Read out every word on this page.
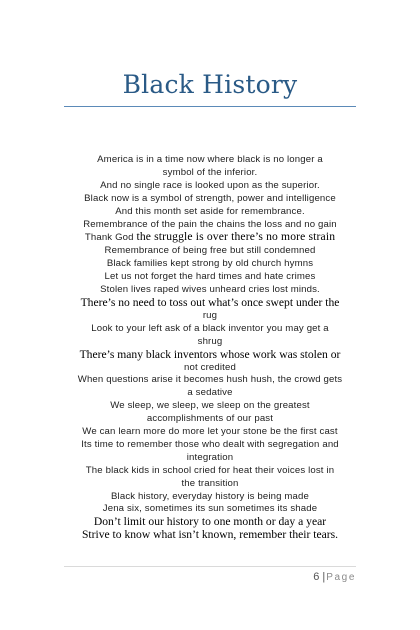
Black History
America is in a time now where black is no longer a
symbol of the inferior.
And no single race is looked upon as the superior.
Black now is a symbol of strength, power and intelligence
And this month set aside for remembrance.
Remembrance of the pain the chains the loss and no gain
Thank God the struggle is over there’s no more strain
Remembrance of being free but still condemned
Black families kept strong by old church hymns
Let us not forget the hard times and hate crimes
Stolen lives raped wives unheard cries lost minds.
There’s no need to toss out what’s once swept under the
rug
Look to your left ask of a black inventor you may get a
shrug
There’s many black inventors whose work was stolen or
not credited
When questions arise it becomes hush hush, the crowd gets
a sedative
We sleep, we sleep, we sleep on the greatest
accomplishments of our past
We can learn more do more let your stone be the first cast
Its time to remember those who dealt with segregation and
integration
The black kids in school cried for heat their voices lost in
the transition
Black history, everyday history is being made
Jena six, sometimes its sun sometimes its shade
Don’t limit our history to one month or day a year
Strive to know what isn’t known, remember their tears.
6 |Page
